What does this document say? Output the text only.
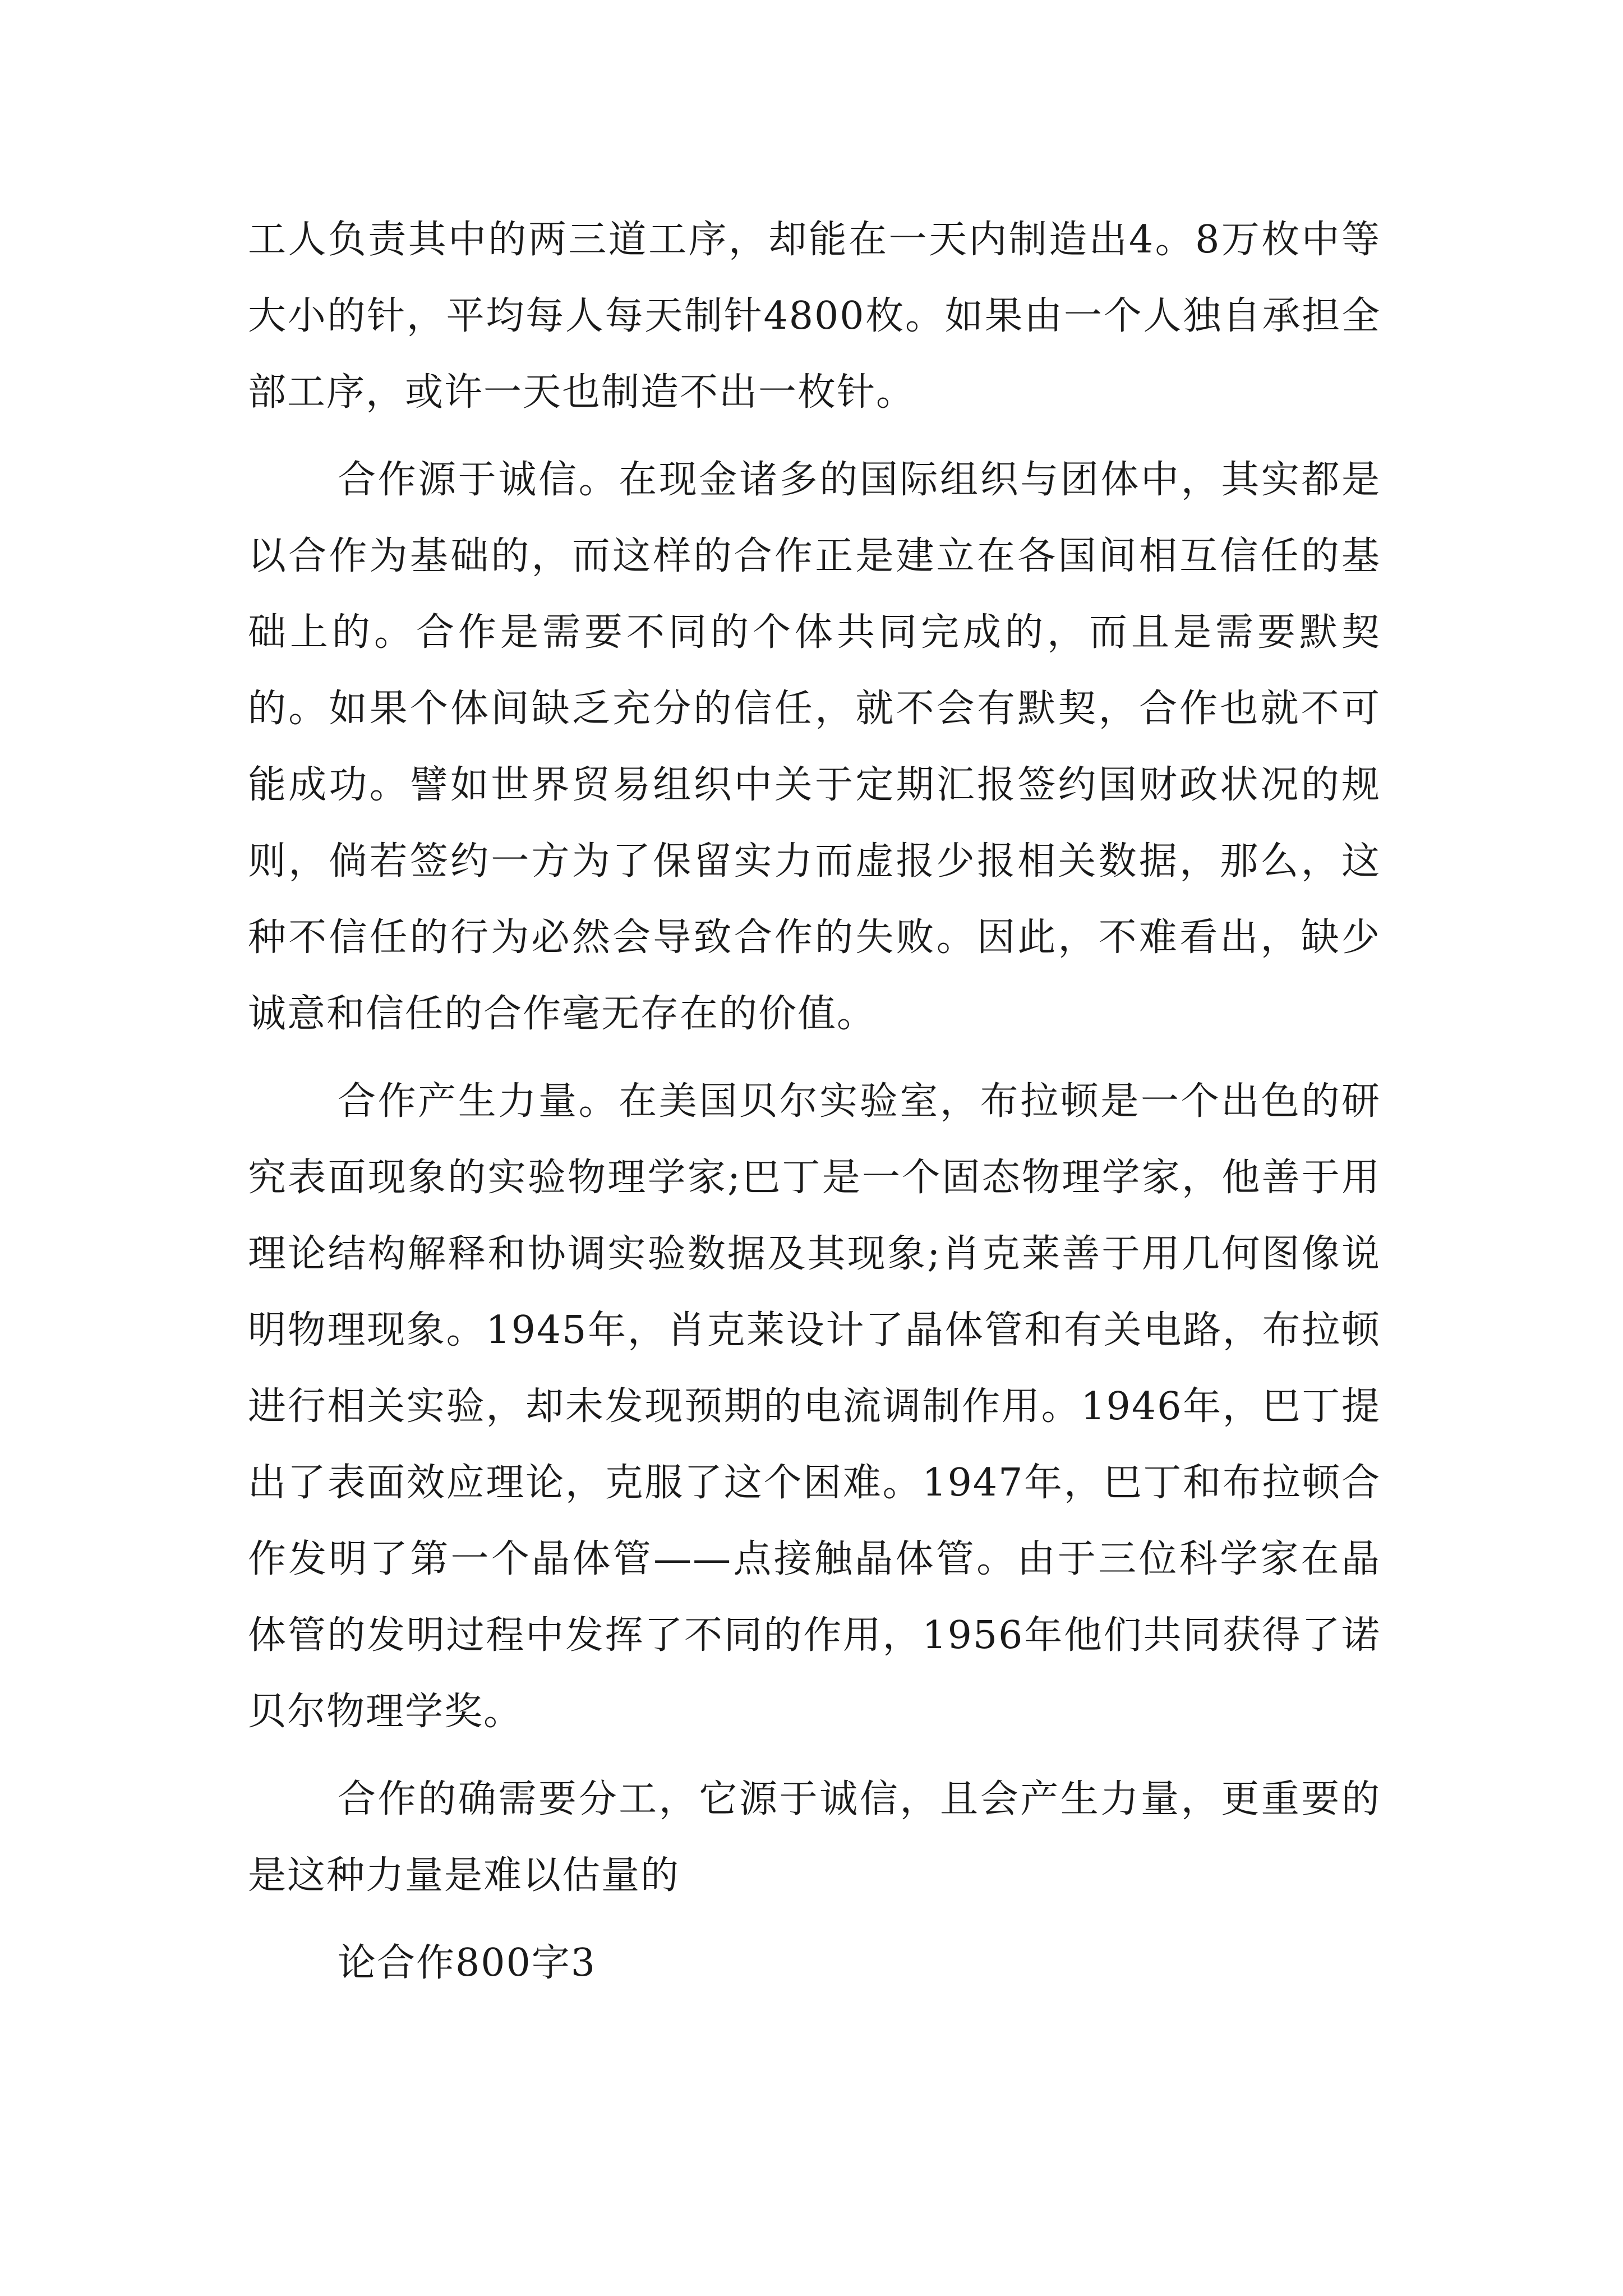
工人负责其中的两三道工序，却能在一天内制造出4。8万枚中等大小的针，平均每人每天制针4800枚。如果由一个人独自承担全部工序，或许一天也制造不出一枚针。

合作源于诚信。在现金诸多的国际组织与团体中，其实都是以合作为基础的，而这样的合作正是建立在各国间相互信任的基础上的。合作是需要不同的个体共同完成的，而且是需要默契的。如果个体间缺乏充分的信任，就不会有默契，合作也就不可能成功。譬如世界贸易组织中关于定期汇报签约国财政状况的规则，倘若签约一方为了保留实力而虚报少报相关数据，那么，这种不信任的行为必然会导致合作的失败。因此，不难看出，缺少诚意和信任的合作毫无存在的价值。

合作产生力量。在美国贝尔实验室，布拉顿是一个出色的研究表面现象的实验物理学家;巴丁是一个固态物理学家，他善于用理论结构解释和协调实验数据及其现象;肖克莱善于用几何图像说明物理现象。1945年，肖克莱设计了晶体管和有关电路，布拉顿进行相关实验，却未发现预期的电流调制作用。1946年，巴丁提出了表面效应理论，克服了这个困难。1947年，巴丁和布拉顿合作发明了第一个晶体管——点接触晶体管。由于三位科学家在晶体管的发明过程中发挥了不同的作用，1956年他们共同获得了诺贝尔物理学奖。

合作的确需要分工，它源于诚信，且会产生力量，更重要的是这种力量是难以估量的

论合作800字3
